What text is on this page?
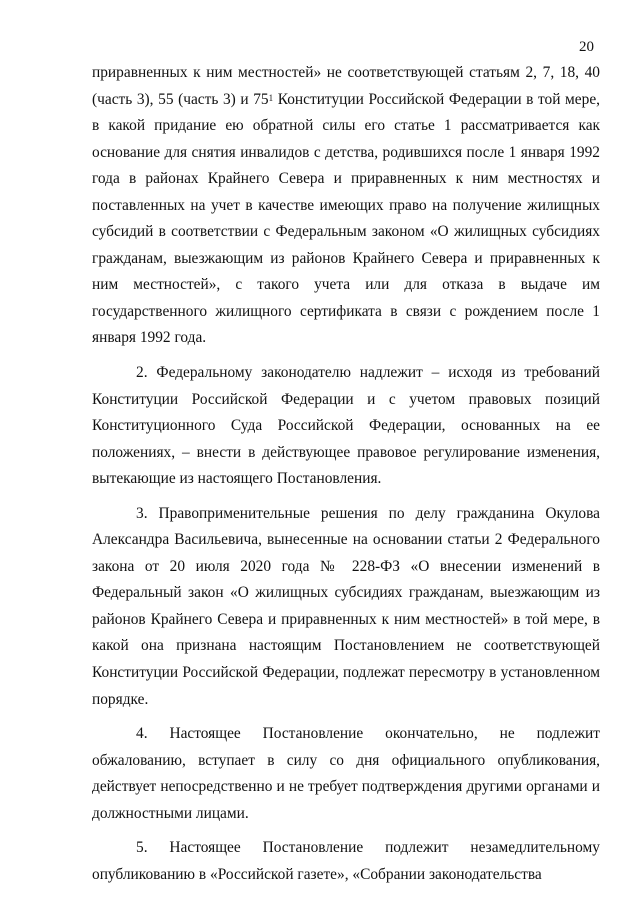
20

приравненных к ним местностей» не соответствующей статьям 2, 7, 18, 40 (часть 3), 55 (часть 3) и $75^1$ Конституции Российской Федерации в той мере, в какой придание ею обратной силы его статье 1 рассматривается как основание для снятия инвалидов с детства, родившихся после 1 января 1992 года в районах Крайнего Севера и приравненных к ним местностях и поставленных на учет в качестве имеющих право на получение жилищных субсидий в соответствии с Федеральным законом «О жилищных субсидиях гражданам, выезжающим из районов Крайнего Севера и приравненных к ним местностей», с такого учета или для отказа в выдаче им государственного жилищного сертификата в связи с рождением после 1 января 1992 года.

2. Федеральному законодателю надлежит – исходя из требований Конституции Российской Федерации и с учетом правовых позиций Конституционного Суда Российской Федерации, основанных на ее положениях, – внести в действующее правовое регулирование изменения, вытекающие из настоящего Постановления.

3. Правоприменительные решения по делу гражданина Окулова Александра Васильевича, вынесенные на основании статьи 2 Федерального закона от 20 июля 2020 года № 228-ФЗ «О внесении изменений в Федеральный закон «О жилищных субсидиях гражданам, выезжающим из районов Крайнего Севера и приравненных к ним местностей» в той мере, в какой она признана настоящим Постановлением не соответствующей Конституции Российской Федерации, подлежат пересмотру в установленном порядке.

4. Настоящее Постановление окончательно, не подлежит обжалованию, вступает в силу со дня официального опубликования, действует непосредственно и не требует подтверждения другими органами и должностными лицами.

5. Настоящее Постановление подлежит незамедлительному опубликованию в «Российской газете», «Собрании законодательства
